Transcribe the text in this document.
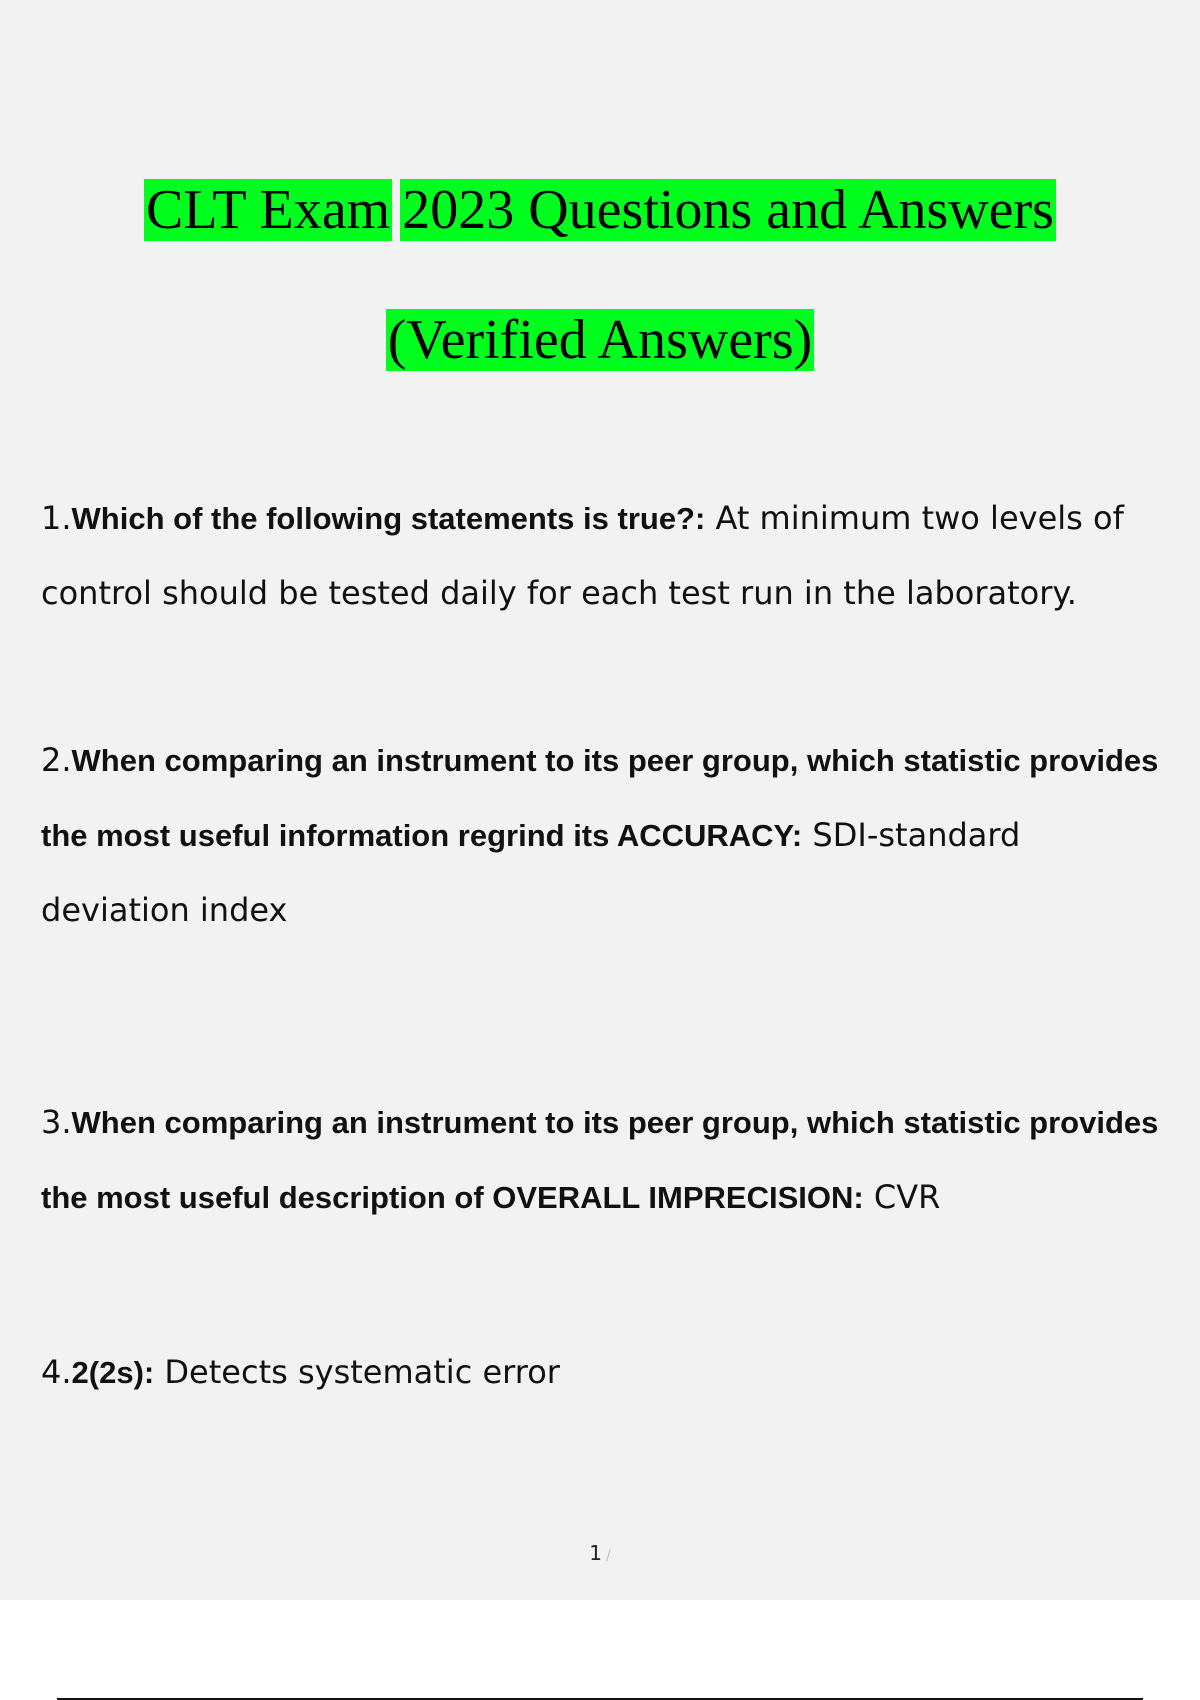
CLT Exam 2023 Questions and Answers
(Verified Answers)
1.Which of the following statements is true?: At minimum two levels of control should be tested daily for each test run in the laboratory.
2.When comparing an instrument to its peer group, which statistic provides the most useful information regrind its ACCURACY: SDI-standard deviation index
3.When comparing an instrument to its peer group, which statistic provides the most useful description of OVERALL IMPRECISION: CVR
4.2(2s): Detects systematic error
1 /
